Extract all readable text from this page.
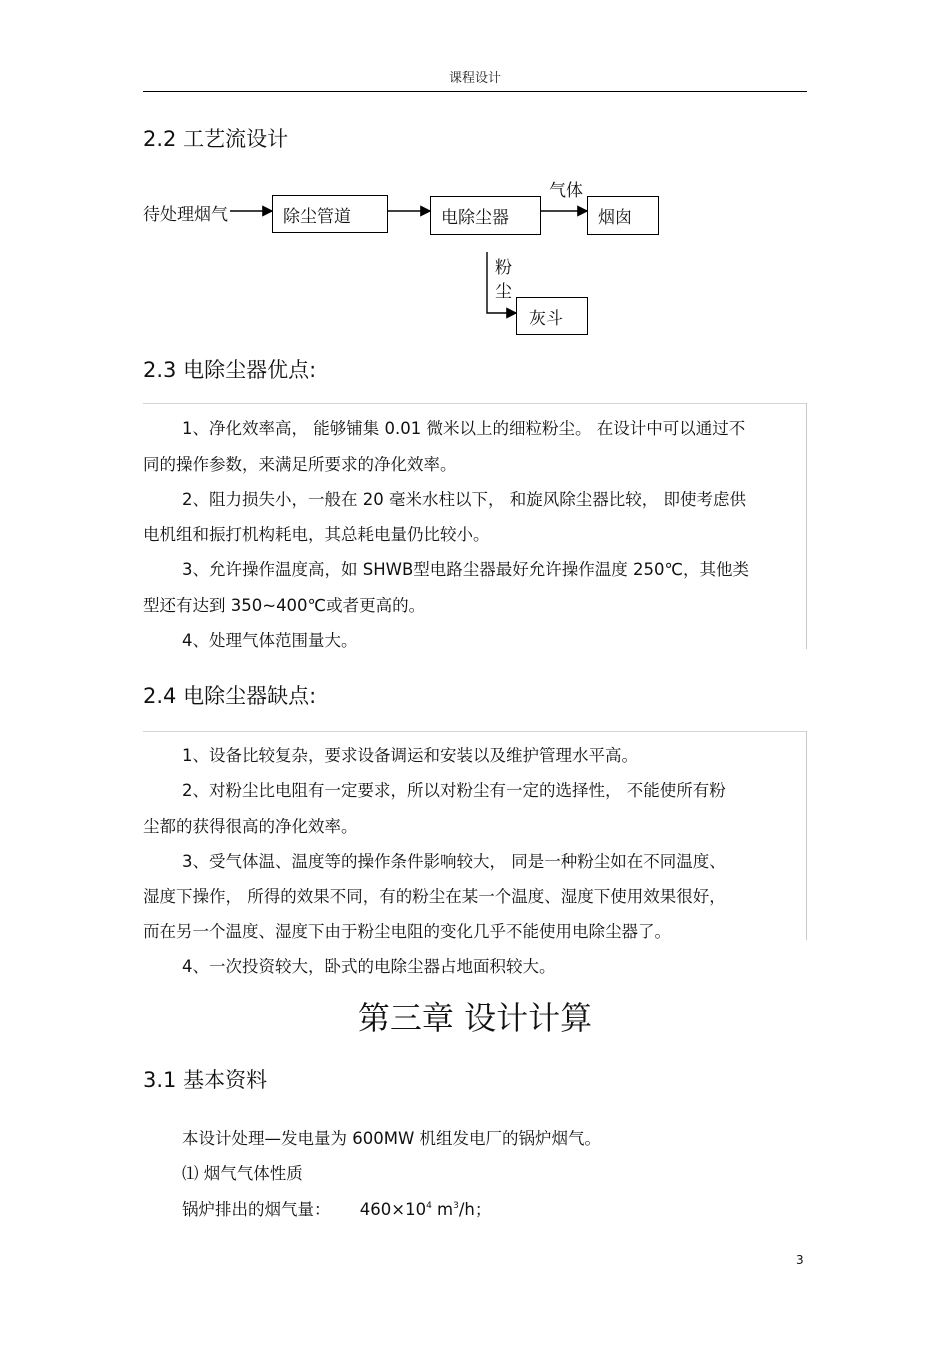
课程设计
2.2 工艺流设计
待处理烟气	除尘管道	电除尘器
气体
烟囱
粉
尘
灰斗
2.3 电除尘器优点:
1、净化效率高， 能够铺集 0.01 微米以上的细粒粉尘。 在设计中可以通过不
同的操作参数，来满足所要求的净化效率。
2、阻力损失小，一般在 20 毫米水柱以下， 和旋风除尘器比较， 即使考虑供
电机组和振打机构耗电，其总耗电量仍比较小。
3、允许操作温度高，如 SHWB型电路尘器最好允许操作温度 250℃，其他类
型还有达到 350~400℃或者更高的。
4、处理气体范围量大。
2.4 电除尘器缺点:
1、设备比较复杂，要求设备调运和安装以及维护管理水平高。
2、对粉尘比电阻有一定要求，所以对粉尘有一定的选择性， 不能使所有粉
尘都的获得很高的净化效率。
3、受气体温、温度等的操作条件影响较大， 同是一种粉尘如在不同温度、
湿度下操作， 所得的效果不同，有的粉尘在某一个温度、湿度下使用效果很好，
而在另一个温度、湿度下由于粉尘电阻的变化几乎不能使用电除尘器了。
4、一次投资较大，卧式的电除尘器占地面积较大。
第三章 设计计算
3.1 基本资料
本设计处理—发电量为 600MW 机组发电厂的锅炉烟气。
⑴ 烟气气体性质
锅炉排出的烟气量： $460\times 10^4$ $m^3/h$；
3
